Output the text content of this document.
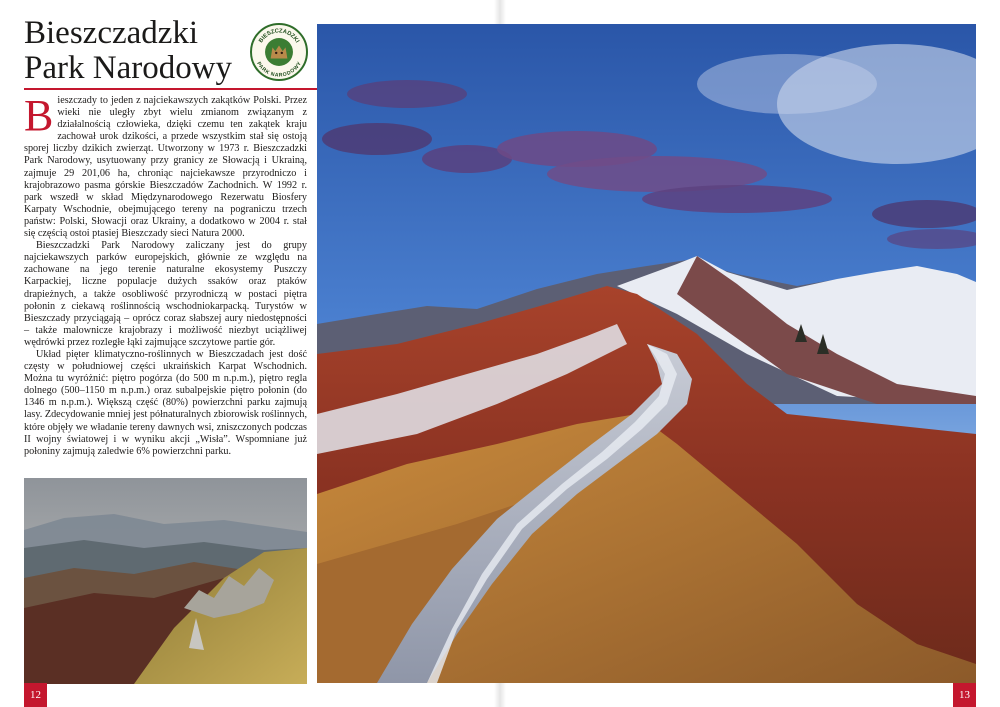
Bieszczadzki
Park Narodowy
BIESZCZADZKI
PARK NARODOWY

Bieszczady to jeden z najciekawszych zakątków Polski. Przez wieki nie uległy zbyt wielu zmianom związanym z działalnością człowieka, dzięki czemu ten zakątek kraju zachował urok dzikości, a przede wszystkim stał się ostoją sporej liczby dzikich zwierząt. Utworzony w 1973 r. Bieszczadzki Park Narodowy, usytuowany przy granicy ze Słowacją i Ukrainą, zajmuje 29 201,06 ha, chroniąc najciekawsze przyrodniczo i krajobrazowo pasma górskie Bieszczadów Zachodnich. W 1992 r. park wszedł w skład Międzynarodowego Rezerwatu Biosfery Karpaty Wschodnie, obejmującego tereny na pograniczu trzech państw: Polski, Słowacji oraz Ukrainy, a dodatkowo w 2004 r. stał się częścią ostoi ptasiej Bieszczady sieci Natura 2000.

Bieszczadzki Park Narodowy zaliczany jest do grupy najciekawszych parków europejskich, głównie ze względu na zachowane na jego terenie naturalne ekosystemy Puszczy Karpackiej, liczne populacje dużych ssaków oraz ptaków drapieżnych, a także osobliwość przyrodniczą w postaci piętra połonin z ciekawą roślinnością wschodniokarpacką. Turystów w Bieszczady przyciągają – oprócz coraz słabszej aury niedostępności – także malownicze krajobrazy i możliwość niezbyt uciążliwej wędrówki przez rozległe łąki zajmujące szczytowe partie gór.

Układ pięter klimatyczno-roślinnych w Bieszczadach jest dość częsty w południowej części ukraińskich Karpat Wschodnich. Można tu wyróżnić: piętro pogórza (do 500 m n.p.m.), piętro regla dolnego (500–1150 m n.p.m.) oraz subalpejskie piętro połonin (do 1346 m n.p.m.). Większą część (80%) powierzchni parku zajmują lasy. Zdecydowanie mniej jest półnaturalnych zbiorowisk roślinnych, które objęły we władanie tereny dawnych wsi, zniszczonych podczas II wojny światowej i w wyniku akcji „Wisła”. Wspomniane już połoniny zajmują zaledwie 6% powierzchni parku.

12	13
